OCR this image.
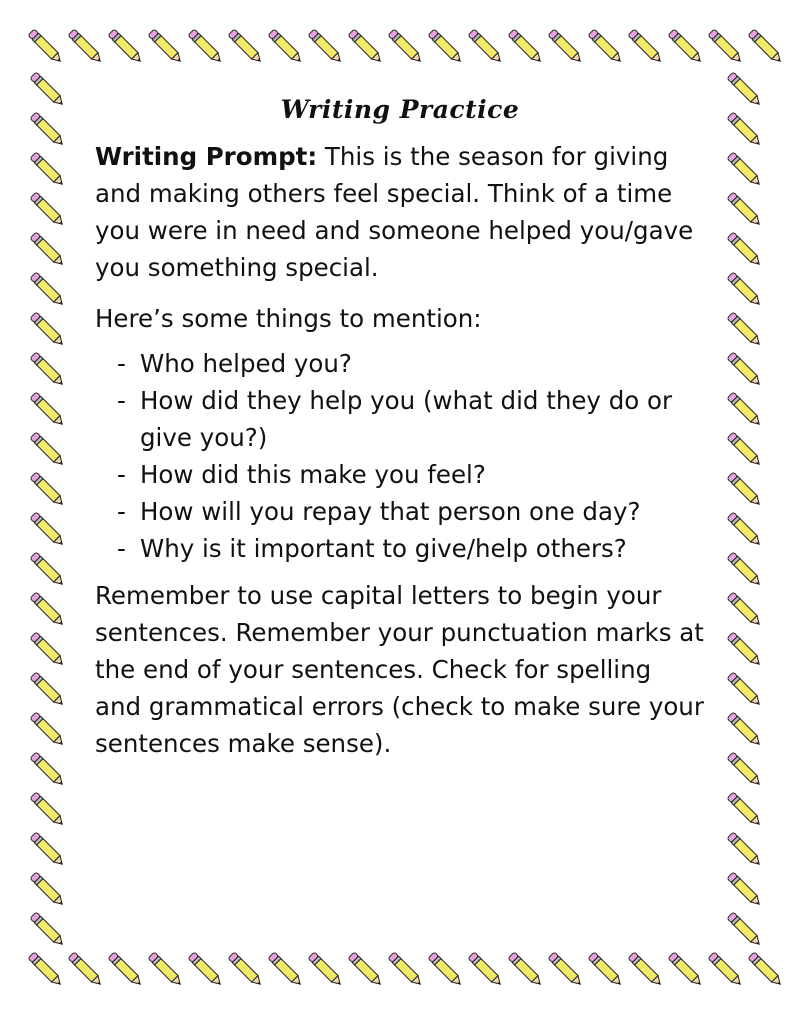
Writing Practice

Writing Prompt: This is the season for giving and making others feel special. Think of a time you were in need and someone helped you/gave you something special.

Here’s some things to mention:

- Who helped you?
- How did they help you (what did they do or give you?)
- How did this make you feel?
- How will you repay that person one day?
- Why is it important to give/help others?

Remember to use capital letters to begin your sentences. Remember your punctuation marks at the end of your sentences. Check for spelling and grammatical errors (check to make sure your sentences make sense).
